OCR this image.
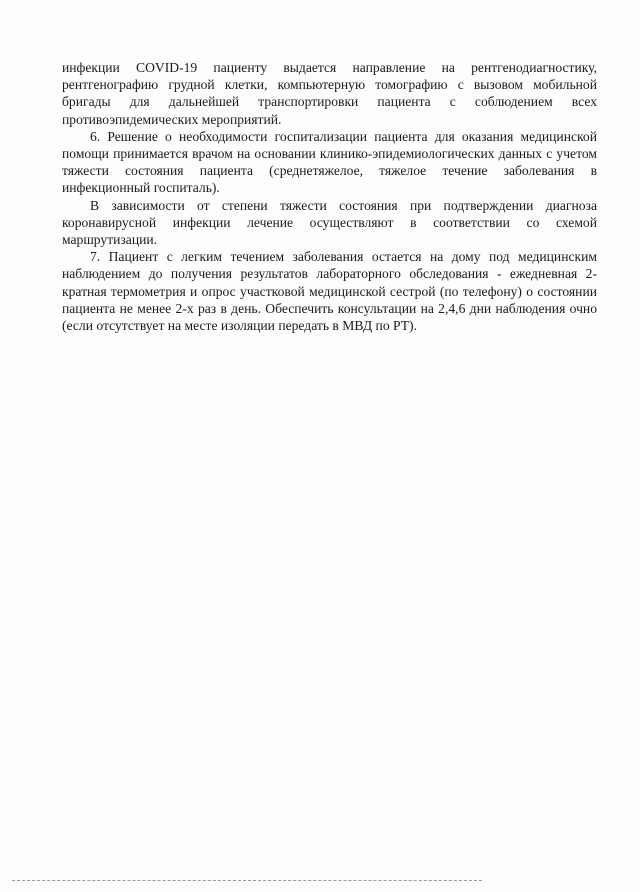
инфекции COVID-19 пациенту выдается направление на рентгенодиагностику, рентгенографию грудной клетки, компьютерную томографию с вызовом мобильной бригады для дальнейшей транспортировки пациента с соблюдением всех противоэпидемических мероприятий.

6. Решение о необходимости госпитализации пациента для оказания медицинской помощи принимается врачом на основании клинико-эпидемиологических данных с учетом тяжести состояния пациента (среднетяжелое, тяжелое течение заболевания в инфекционный госпиталь).

В зависимости от степени тяжести состояния при подтверждении диагноза коронавирусной инфекции лечение осуществляют в соответствии со схемой маршрутизации.

7. Пациент с легким течением заболевания остается на дому под медицинским наблюдением до получения результатов лабораторного обследования - ежедневная 2-кратная термометрия и опрос участковой медицинской сестрой (по телефону) о состоянии пациента не менее 2-х раз в день. Обеспечить консультации на 2,4,6 дни наблюдения очно (если отсутствует на месте изоляции передать в МВД по РТ).
